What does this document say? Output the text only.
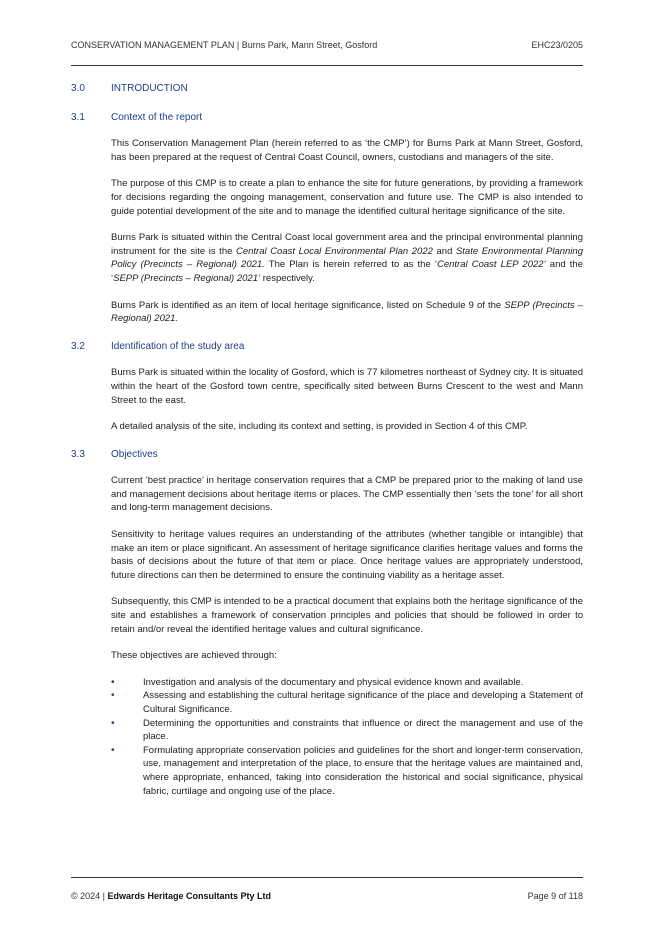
CONSERVATION MANAGEMENT PLAN | Burns Park, Mann Street, Gosford	EHC23/0205
3.0	INTRODUCTION
3.1	Context of the report

This Conservation Management Plan (herein referred to as ‘the CMP’) for Burns Park at Mann Street, Gosford, has been prepared at the request of Central Coast Council, owners, custodians and managers of the site.

The purpose of this CMP is to create a plan to enhance the site for future generations, by providing a framework for decisions regarding the ongoing management, conservation and future use. The CMP is also intended to guide potential development of the site and to manage the identified cultural heritage significance of the site.

Burns Park is situated within the Central Coast local government area and the principal environmental planning instrument for the site is the Central Coast Local Environmental Plan 2022 and State Environmental Planning Policy (Precincts – Regional) 2021. The Plan is herein referred to as the ‘Central Coast LEP 2022’ and the ‘SEPP (Precincts – Regional) 2021’ respectively.

Burns Park is identified as an item of local heritage significance, listed on Schedule 9 of the SEPP (Precincts – Regional) 2021.

3.2	Identification of the study area

Burns Park is situated within the locality of Gosford, which is 77 kilometres northeast of Sydney city. It is situated within the heart of the Gosford town centre, specifically sited between Burns Crescent to the west and Mann Street to the east.

A detailed analysis of the site, including its context and setting, is provided in Section 4 of this CMP.

3.3	Objectives

Current ‘best practice’ in heritage conservation requires that a CMP be prepared prior to the making of land use and management decisions about heritage items or places. The CMP essentially then ‘sets the tone’ for all short and long-term management decisions.

Sensitivity to heritage values requires an understanding of the attributes (whether tangible or intangible) that make an item or place significant. An assessment of heritage significance clarifies heritage values and forms the basis of decisions about the future of that item or place. Once heritage values are appropriately understood, future directions can then be determined to ensure the continuing viability as a heritage asset.

Subsequently, this CMP is intended to be a practical document that explains both the heritage significance of the site and establishes a framework of conservation principles and policies that should be followed in order to retain and/or reveal the identified heritage values and cultural significance.

These objectives are achieved through:

• Investigation and analysis of the documentary and physical evidence known and available.
• Assessing and establishing the cultural heritage significance of the place and developing a Statement of Cultural Significance.
• Determining the opportunities and constraints that influence or direct the management and use of the place.
• Formulating appropriate conservation policies and guidelines for the short and longer-term conservation, use, management and interpretation of the place, to ensure that the heritage values are maintained and, where appropriate, enhanced, taking into consideration the historical and social significance, physical fabric, curtilage and ongoing use of the place.
© 2024 | Edwards Heritage Consultants Pty Ltd	Page 9 of 118
